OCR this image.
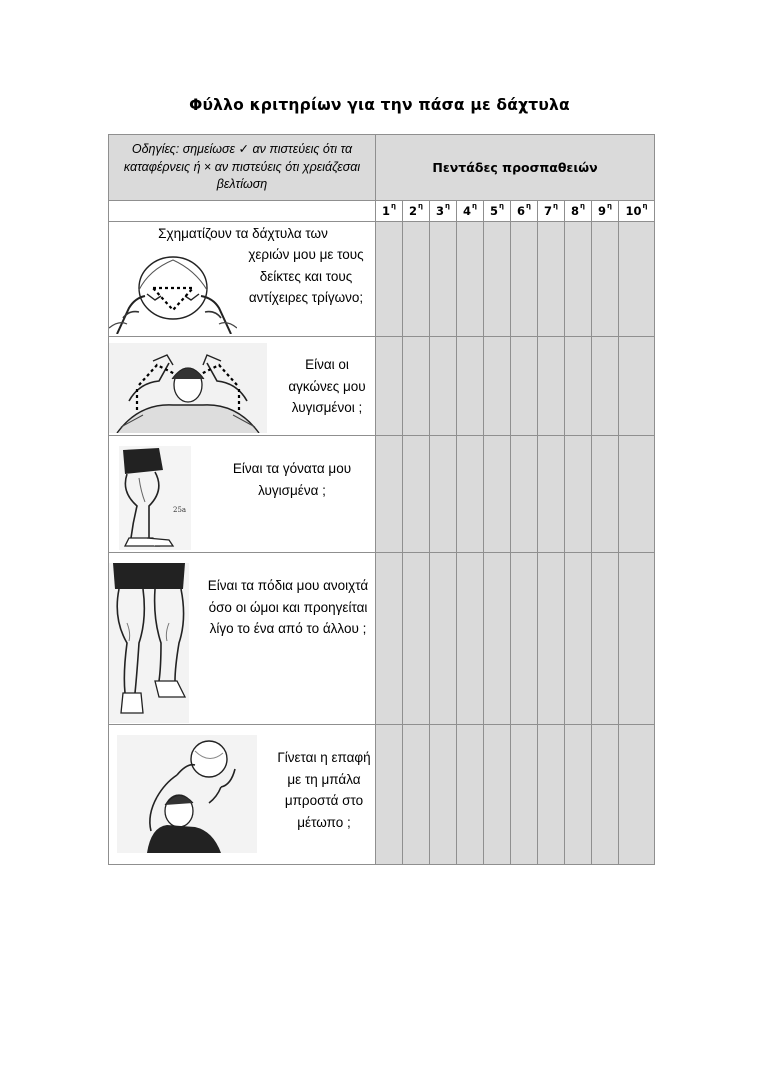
Φύλλο κριτηρίων για την πάσα με δάχτυλα
Οδηγίες: σημείωσε ✓ αν πιστεύεις ότι τα καταφέρνεις ή × αν πιστεύεις ότι χρειάζεσαι βελτίωση	Πεντάδες προσπαθειών									
	$1^\eta$	$2^\eta$	$3^\eta$	$4^\eta$	$5^\eta$	$6^\eta$	$7^\eta$	$8^\eta$	$9^\eta$	$10^\eta$

Σχηματίζουν τα δάχτυλα των
χεριών μου με τους δείκτες και τους αντίχειρες τρίγωνο;										

Είναι οι αγκώνες μου λυγισμένοι ;										

Είναι τα γόνατα μου λυγισμένα ;
25a										

Είναι τα πόδια μου ανοιχτά όσο οι ώμοι και προηγείται λίγο το ένα από το άλλου ;										

Γίνεται η επαφή με τη μπάλα μπροστά στο μέτωπο ;										
